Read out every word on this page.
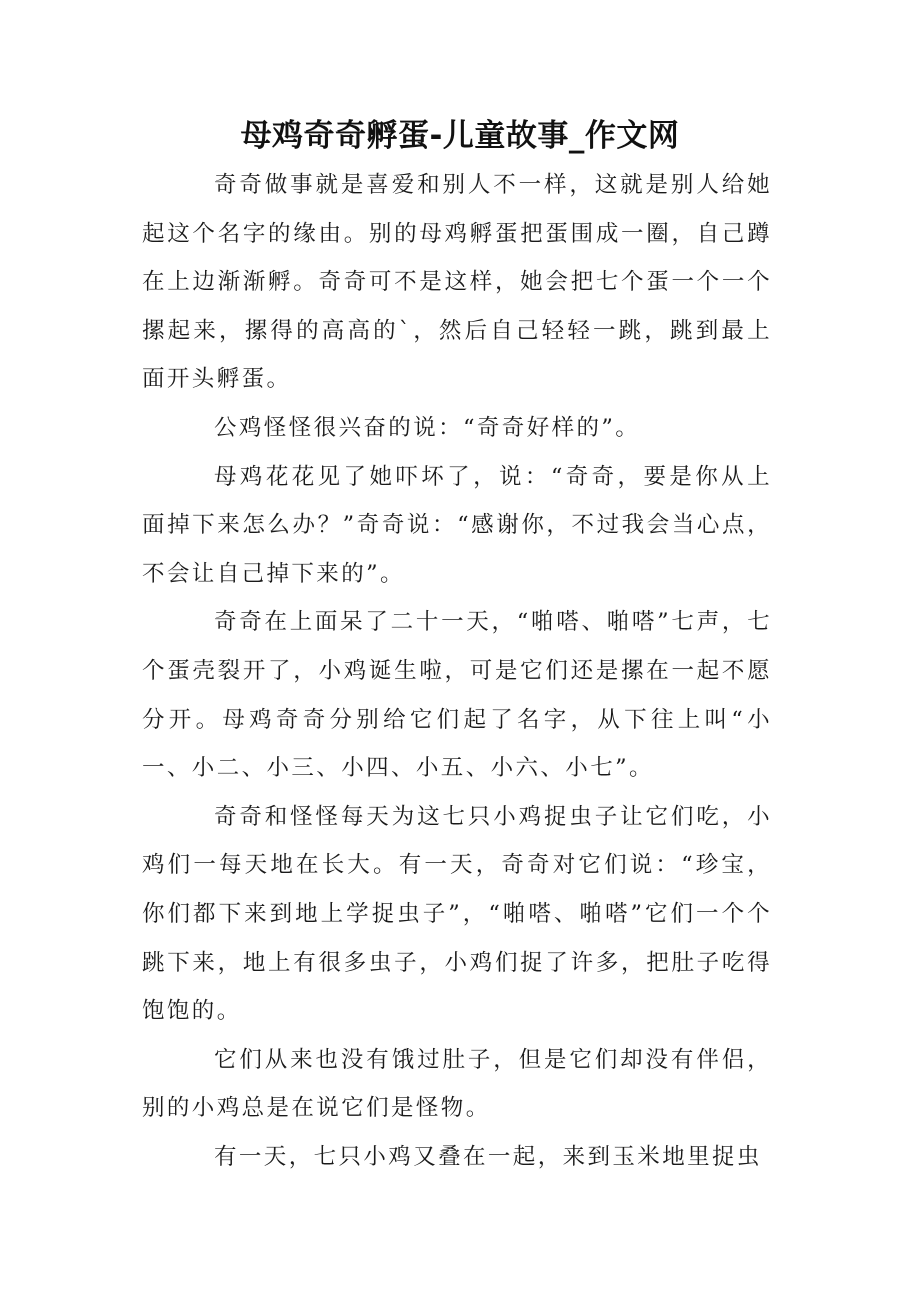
母鸡奇奇孵蛋-儿童故事_作文网

奇奇做事就是喜爱和别人不一样，这就是别人给她起这个名字的缘由。别的母鸡孵蛋把蛋围成一圈，自己蹲在上边渐渐孵。奇奇可不是这样，她会把七个蛋一个一个摞起来，摞得的高高的`，然后自己轻轻一跳，跳到最上面开头孵蛋。

公鸡怪怪很兴奋的说：“奇奇好样的”。

母鸡花花见了她吓坏了，说：“奇奇，要是你从上面掉下来怎么办？”奇奇说：“感谢你，不过我会当心点，不会让自己掉下来的”。

奇奇在上面呆了二十一天，“啪嗒、啪嗒”七声，七个蛋壳裂开了，小鸡诞生啦，可是它们还是摞在一起不愿分开。母鸡奇奇分别给它们起了名字，从下往上叫“小一、小二、小三、小四、小五、小六、小七”。

奇奇和怪怪每天为这七只小鸡捉虫子让它们吃，小鸡们一每天地在长大。有一天，奇奇对它们说：“珍宝，你们都下来到地上学捉虫子”，“啪嗒、啪嗒”它们一个个跳下来，地上有很多虫子，小鸡们捉了许多，把肚子吃得饱饱的。

它们从来也没有饿过肚子，但是它们却没有伴侣，别的小鸡总是在说它们是怪物。

有一天，七只小鸡又叠在一起，来到玉米地里捉虫
